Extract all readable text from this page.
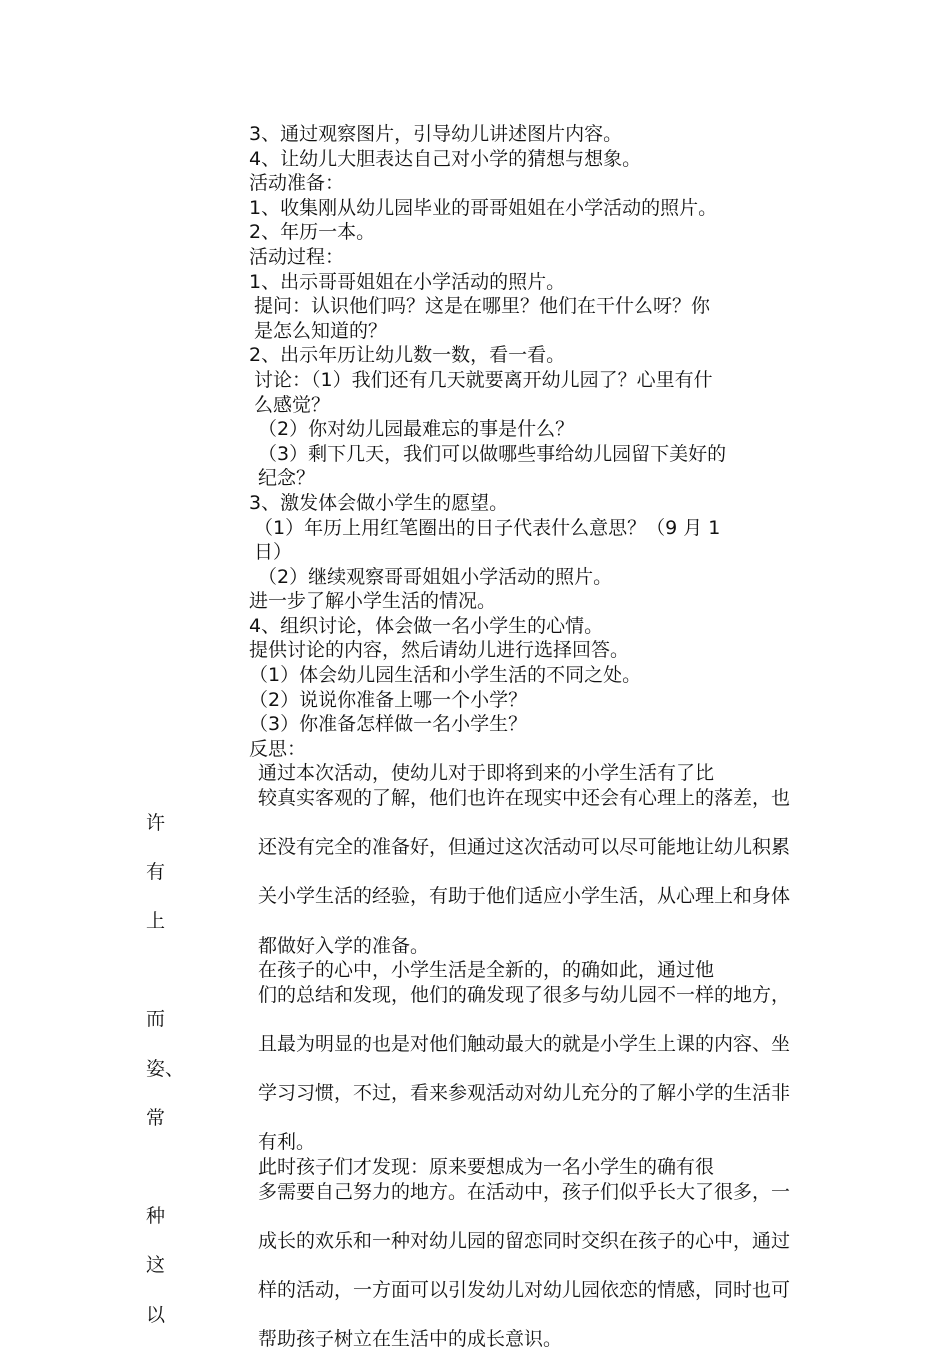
3、通过观察图片，引导幼儿讲述图片内容。

4、让幼儿大胆表达自己对小学的猜想与想象。

活动准备：

1、收集刚从幼儿园毕业的哥哥姐姐在小学活动的照片。

2、年历一本。

活动过程：

1、出示哥哥姐姐在小学活动的照片。

提问：认识他们吗？这是在哪里？他们在干什么呀？你
是怎么知道的？

2、出示年历让幼儿数一数，看一看。

讨论：（1）我们还有几天就要离开幼儿园了？心里有什
么感觉？

（2）你对幼儿园最难忘的事是什么？

（3）剩下几天，我们可以做哪些事给幼儿园留下美好的
纪念？

3、激发体会做小学生的愿望。

（1）年历上用红笔圈出的日子代表什么意思？（9 月 1
日）

（2）继续观察哥哥姐姐小学活动的照片。

进一步了解小学生活的情况。

4、组织讨论，体会做一名小学生的心情。

提供讨论的内容，然后请幼儿进行选择回答。

（1）体会幼儿园生活和小学生活的不同之处。

（2）说说你准备上哪一个小学？

（3）你准备怎样做一名小学生？

反思：

通过本次活动，使幼儿对于即将到来的小学生活有了比
较真实客观的了解，他们也许在现实中还会有心理上的落差，也许
还没有完全的准备好，但通过这次活动可以尽可能地让幼儿积累有
关小学生活的经验，有助于他们适应小学生活，从心理上和身体上
都做好入学的准备。

在孩子的心中，小学生活是全新的，的确如此，通过他
们的总结和发现，他们的确发现了很多与幼儿园不一样的地方，而
且最为明显的也是对他们触动最大的就是小学生上课的内容、坐姿、
学习习惯，不过，看来参观活动对幼儿充分的了解小学的生活非常
有利。

此时孩子们才发现：原来要想成为一名小学生的确有很
多需要自己努力的地方。在活动中，孩子们似乎长大了很多，一种
成长的欢乐和一种对幼儿园的留恋同时交织在孩子的心中，通过这
样的活动，一方面可以引发幼儿对幼儿园依恋的情感，同时也可以
帮助孩子树立在生活中的成长意识。
